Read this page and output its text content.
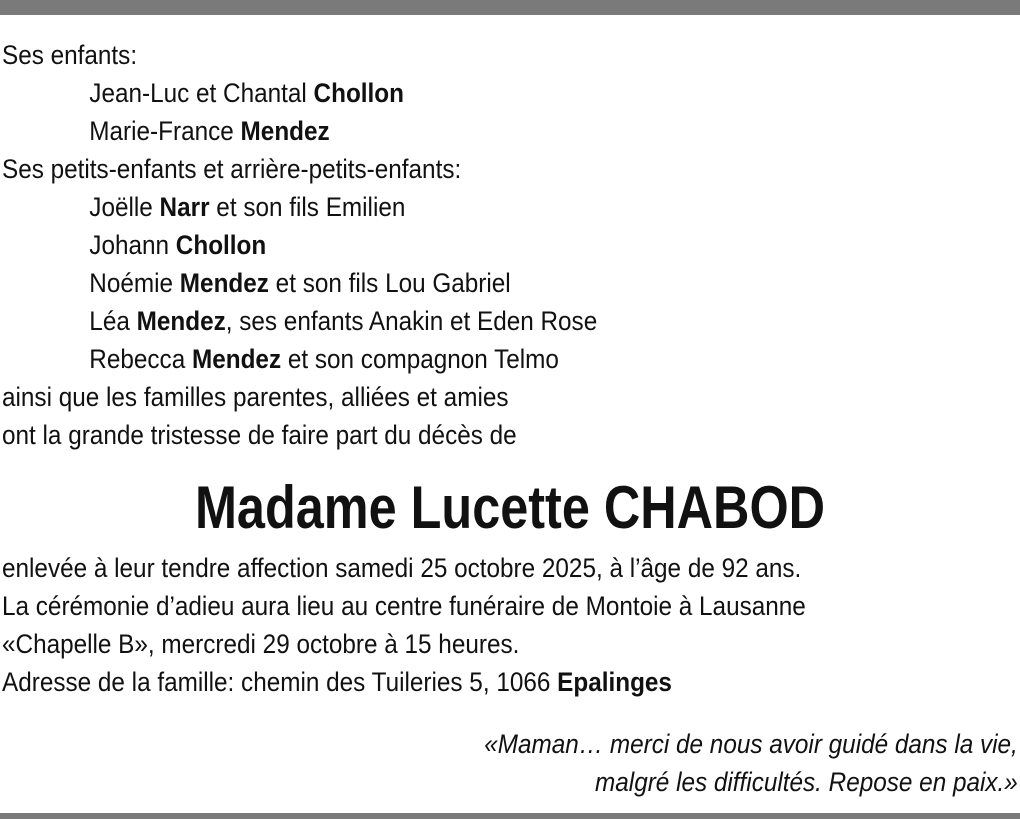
Ses enfants:
Jean-Luc et Chantal Chollon
Marie-France Mendez
Ses petits-enfants et arrière-petits-enfants:
Joëlle Narr et son fils Emilien
Johann Chollon
Noémie Mendez et son fils Lou Gabriel
Léa Mendez, ses enfants Anakin et Eden Rose
Rebecca Mendez et son compagnon Telmo
ainsi que les familles parentes, alliées et amies
ont la grande tristesse de faire part du décès de
Madame Lucette CHABOD
enlevée à leur tendre affection samedi 25 octobre 2025, à l’âge de 92 ans.
La cérémonie d’adieu aura lieu au centre funéraire de Montoie à Lausanne
«Chapelle B», mercredi 29 octobre à 15 heures.
Adresse de la famille: chemin des Tuileries 5, 1066 Epalinges
«Maman… merci de nous avoir guidé dans la vie,
malgré les difficultés. Repose en paix.»
